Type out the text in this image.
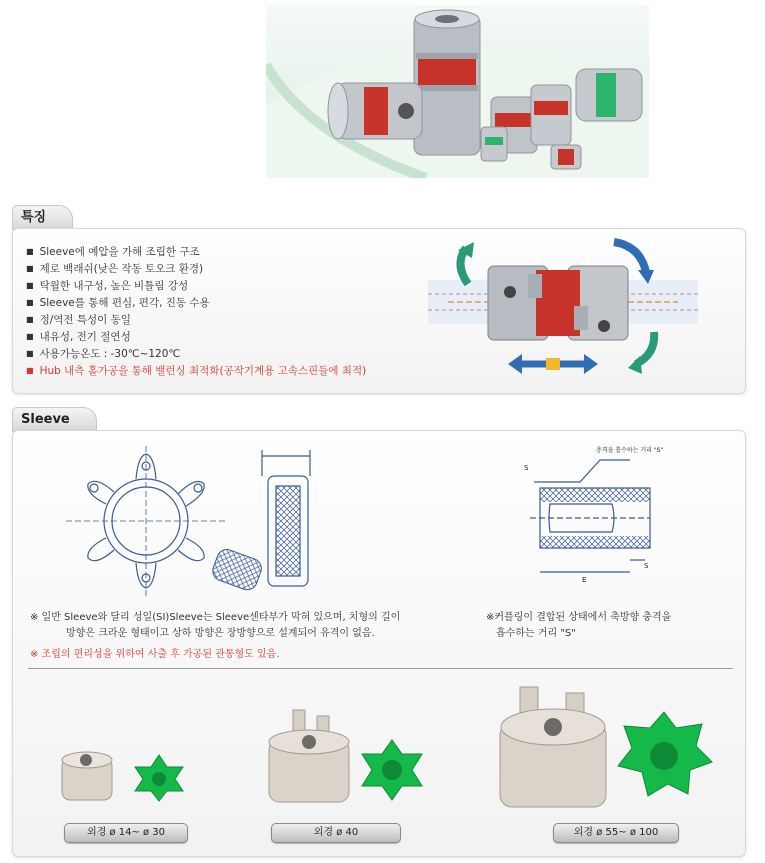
특징
■ Sleeve에 예압을 가해 조립한 구조
■ 제로 백래쉬(낮은 작동 토오크 환경)
■ 탁월한 내구성, 높은 비틀림 강성
■ Sleeve를 통해 편심, 편각, 진동 수용
■ 정/역전 특성이 동일
■ 내유성, 전기 절연성
■ 사용가능온도 : -30℃~120℃
■ Hub 내측 홀가공을 통해 밸런싱 최적화(공작기계용 고속스핀들에 최적)
Sleeve
충격을 흡수하는 거리 "S"
S
S
E
※ 일반 Sleeve와 달리 성일(SI)Sleeve는 Sleeve센타부가 막혀 있으며, 치형의 길이
방향은 크라운 형태이고 상하 방향은 장방향으로 설계되어 유격이 없음.
※커플링이 결합된 상태에서 축방향 충격을
흡수하는 거리 "S"
※ 조립의 편리성을 위하여 사출 후 가공된 관통형도 있음.
외경 ø 14~ ø 30	외경 ø 40	외경 ø 55~ ø 100
